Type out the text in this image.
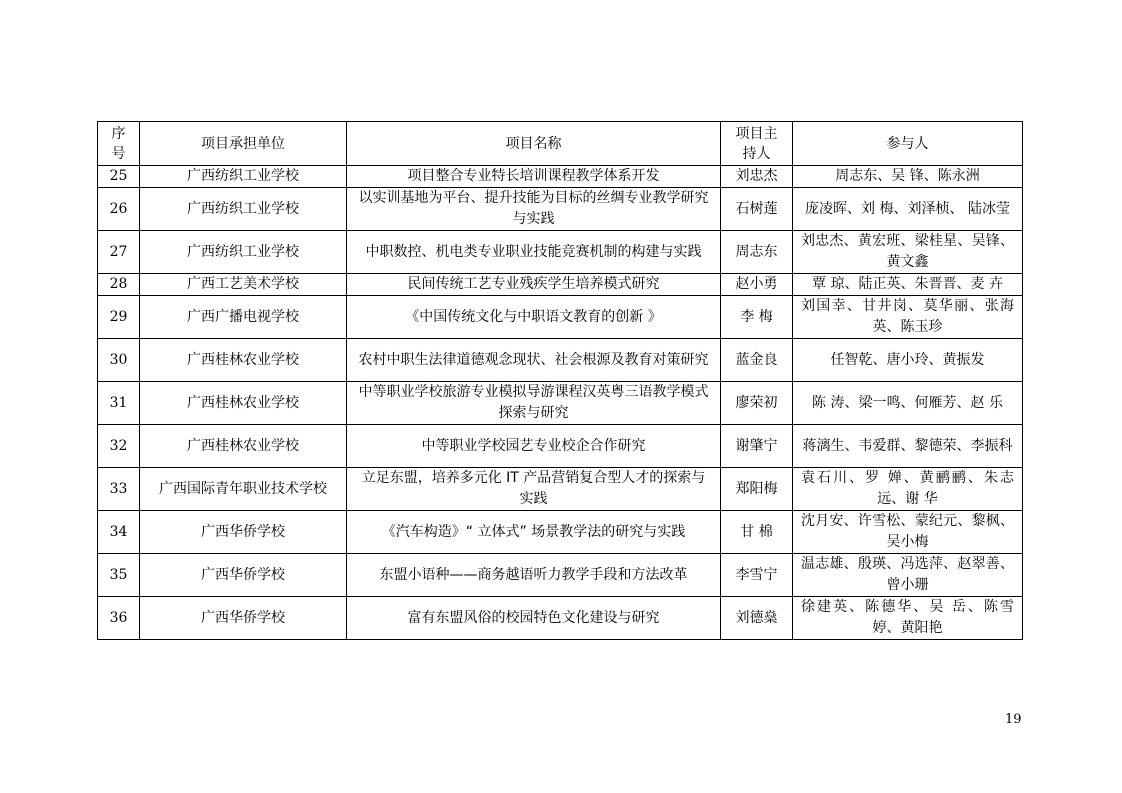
序号	项目承担单位	项目名称	项目主持人	参与人
25	广西纺织工业学校	项目整合专业特长培训课程教学体系开发	刘忠杰	周志东、吴 锋、陈永洲
26	广西纺织工业学校	以实训基地为平台、提升技能为目标的丝绸专业教学研究与实践	石树莲	庞凌晖、刘 梅、刘泽桢、 陆冰莹
27	广西纺织工业学校	中职数控、机电类专业职业技能竞赛机制的构建与实践	周志东	刘忠杰、黄宏班、梁桂星、吴锋、黄文鑫
28	广西工艺美术学校	民间传统工艺专业残疾学生培养模式研究	赵小勇	覃 琼、陆正英、朱晋晋、麦 卉
29	广西广播电视学校	《中国传统文化与中职语文教育的创新 》	李 梅	刘国幸、甘井岗、莫华丽、张海英、陈玉珍
30	广西桂林农业学校	农村中职生法律道德观念现状、社会根源及教育对策研究	蓝金良	任智乾、唐小玲、黄振发
31	广西桂林农业学校	中等职业学校旅游专业模拟导游课程汉英粤三语教学模式探索与研究	廖荣初	陈 涛、梁一鸣、何雁芳、赵 乐
32	广西桂林农业学校	中等职业学校园艺专业校企合作研究	谢肇宁	蒋漓生、韦爱群、黎德荣、李振科
33	广西国际青年职业技术学校	立足东盟，培养多元化 IT 产品营销复合型人才的探索与实践	郑阳梅	袁石川、罗 婵、黄鹂鹂、朱志远、谢 华
34	广西华侨学校	《汽车构造》“ 立体式” 场景教学法的研究与实践	甘 棉	沈月安、许雪松、蒙纪元、黎枫、吴小梅
35	广西华侨学校	东盟小语种——商务越语听力教学手段和方法改革	李雪宁	温志雄、殷瑛、冯选萍、赵翠善、曾小珊
36	广西华侨学校	富有东盟风俗的校园特色文化建设与研究	刘德燊	徐建英、陈德华、吴 岳、陈雪婷、黄阳艳
19
